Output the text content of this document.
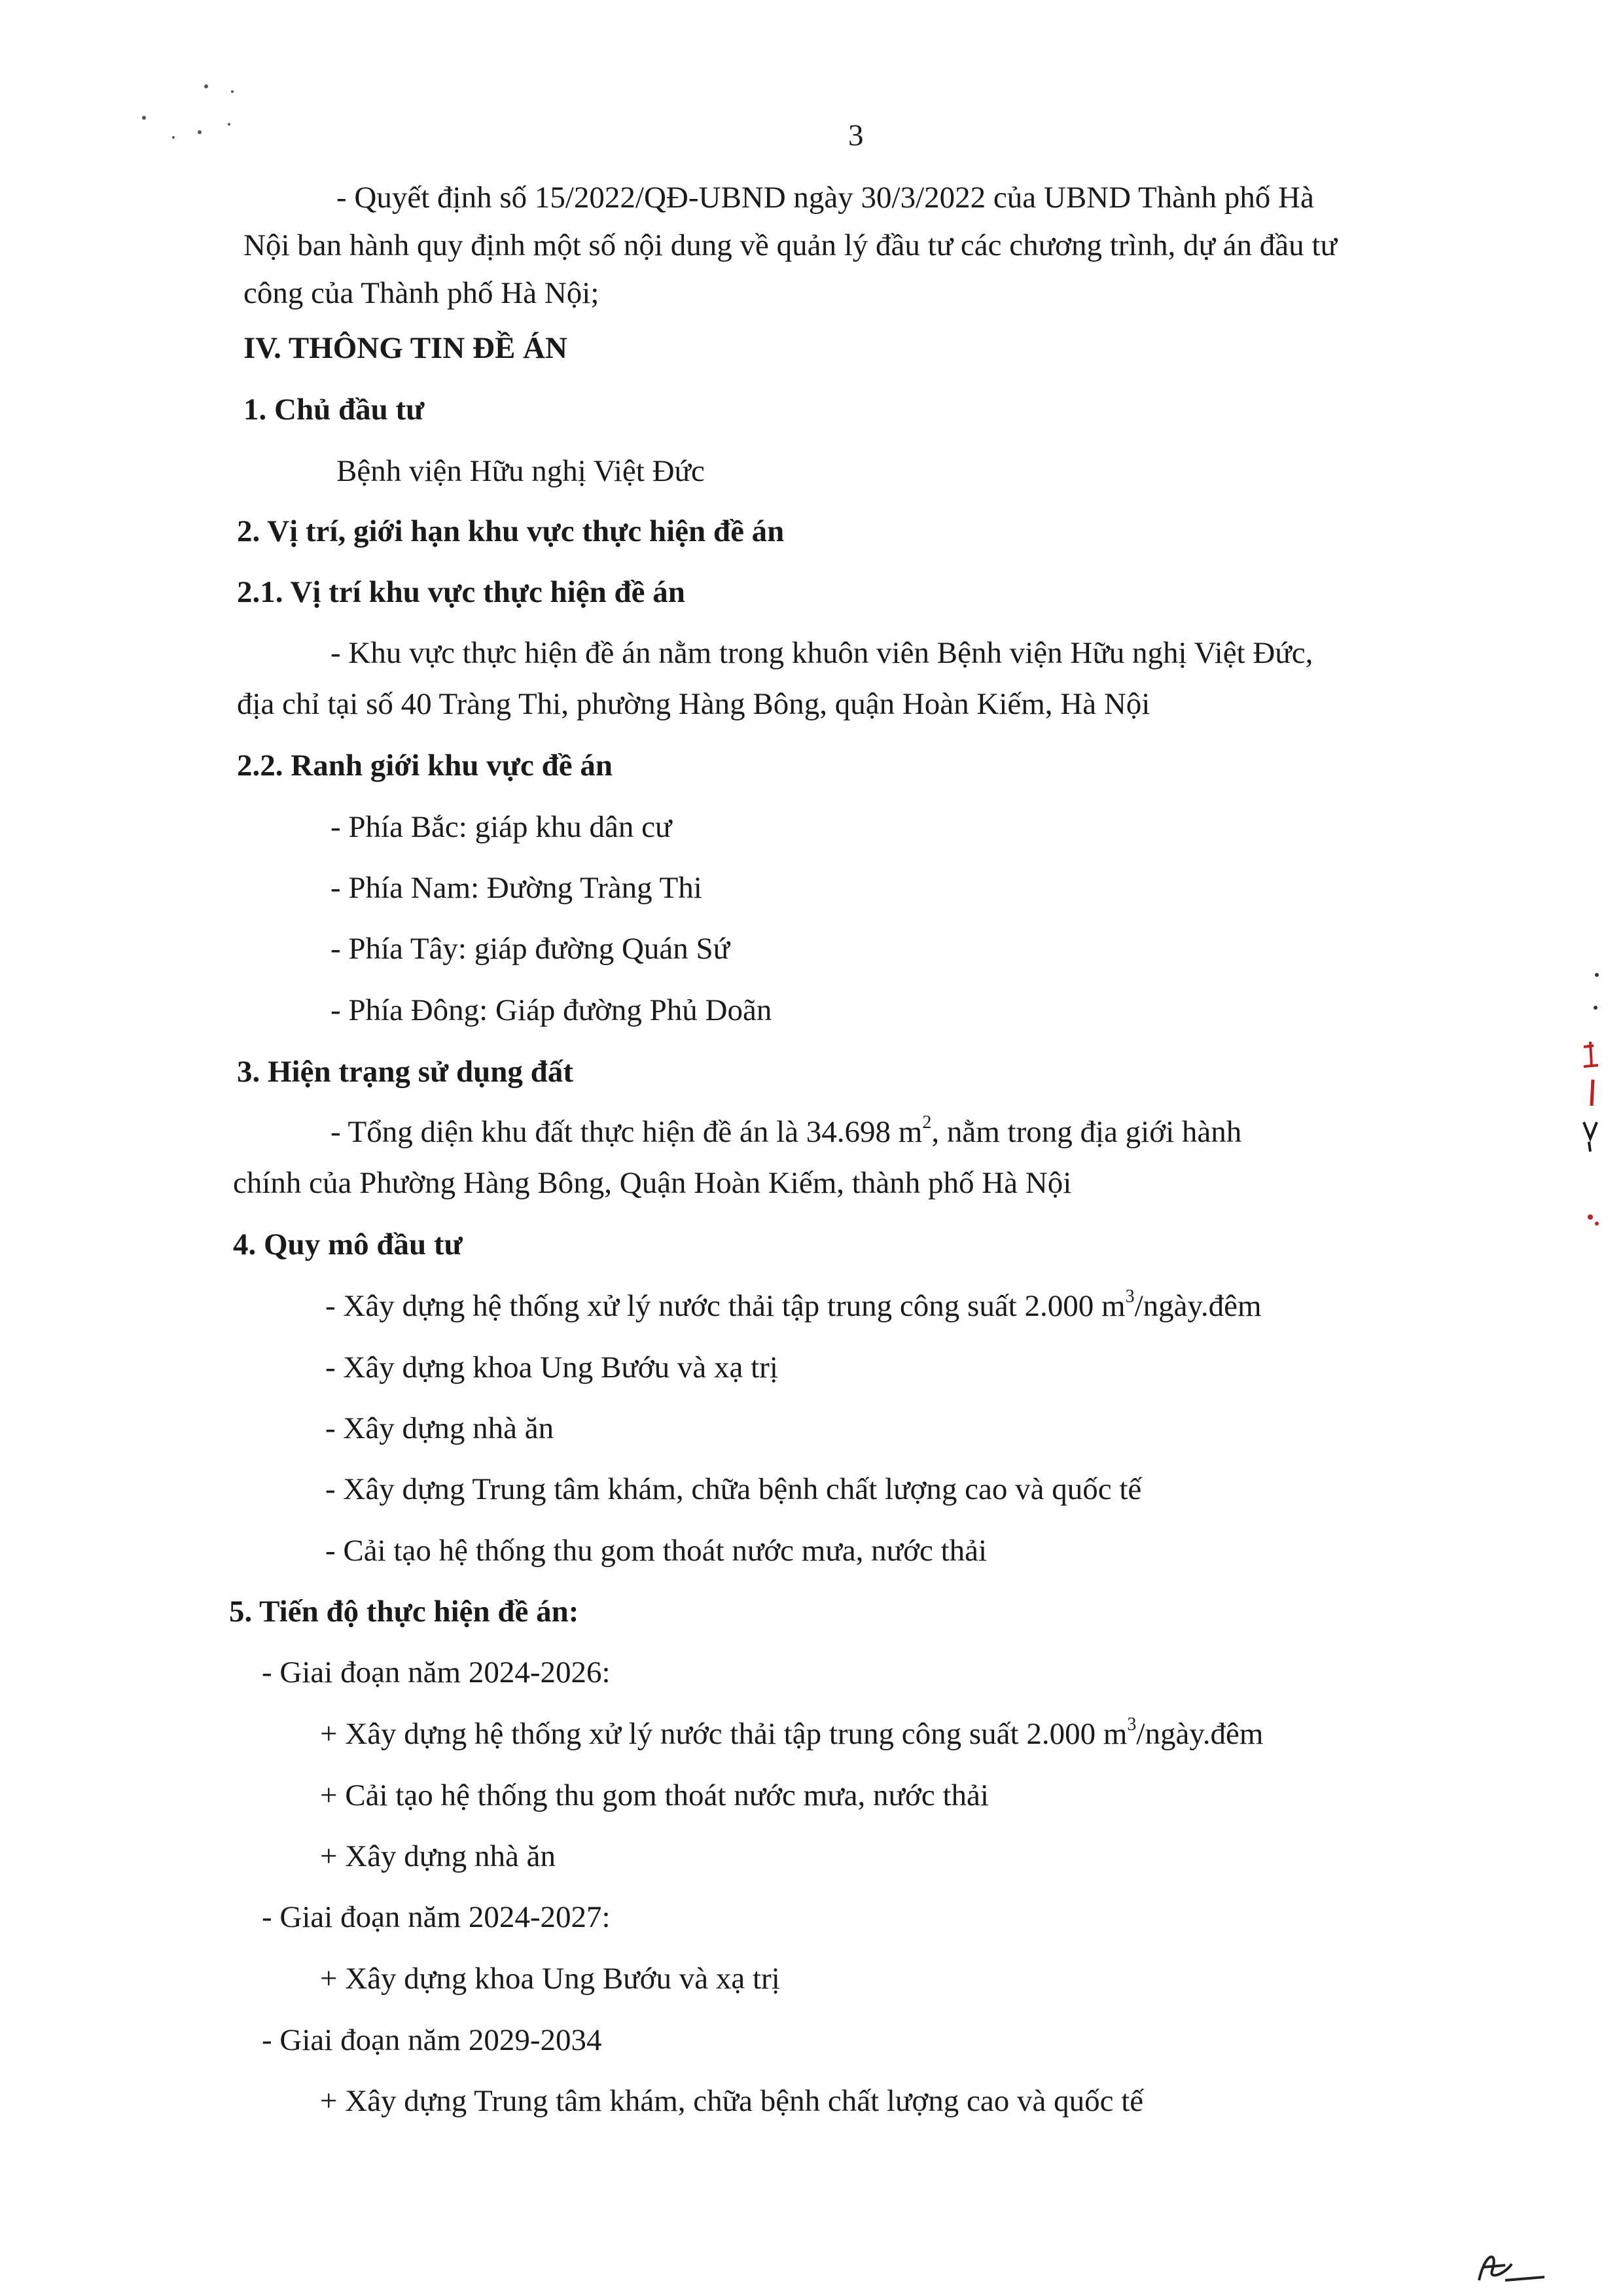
3
- Quyết định số 15/2022/QĐ-UBND ngày 30/3/2022 của UBND Thành phố Hà
Nội ban hành quy định một số nội dung về quản lý đầu tư các chương trình, dự án đầu tư
công của Thành phố Hà Nội;
IV. THÔNG TIN ĐỀ ÁN
1. Chủ đầu tư
Bệnh viện Hữu nghị Việt Đức
2. Vị trí, giới hạn khu vực thực hiện đề án
2.1. Vị trí khu vực thực hiện đề án
- Khu vực thực hiện đề án nằm trong khuôn viên Bệnh viện Hữu nghị Việt Đức,
địa chỉ tại số 40 Tràng Thi, phường Hàng Bông, quận Hoàn Kiếm, Hà Nội
2.2. Ranh giới khu vực đề án
- Phía Bắc: giáp khu dân cư
- Phía Nam: Đường Tràng Thi
- Phía Tây: giáp đường Quán Sứ
- Phía Đông: Giáp đường Phủ Doãn
3. Hiện trạng sử dụng đất
- Tổng diện khu đất thực hiện đề án là 34.698 $m^2$, nằm trong địa giới hành
chính của Phường Hàng Bông, Quận Hoàn Kiếm, thành phố Hà Nội
4. Quy mô đầu tư
- Xây dựng hệ thống xử lý nước thải tập trung công suất 2.000 $m^3/ngày.đêm$
- Xây dựng khoa Ung Bướu và xạ trị
- Xây dựng nhà ăn
- Xây dựng Trung tâm khám, chữa bệnh chất lượng cao và quốc tế
- Cải tạo hệ thống thu gom thoát nước mưa, nước thải
5. Tiến độ thực hiện đề án:
- Giai đoạn năm 2024-2026:
+ Xây dựng hệ thống xử lý nước thải tập trung công suất 2.000 $m^3/ngày.đêm$
+ Cải tạo hệ thống thu gom thoát nước mưa, nước thải
+ Xây dựng nhà ăn
- Giai đoạn năm 2024-2027:
+ Xây dựng khoa Ung Bướu và xạ trị
- Giai đoạn năm 2029-2034
+ Xây dựng Trung tâm khám, chữa bệnh chất lượng cao và quốc tế
